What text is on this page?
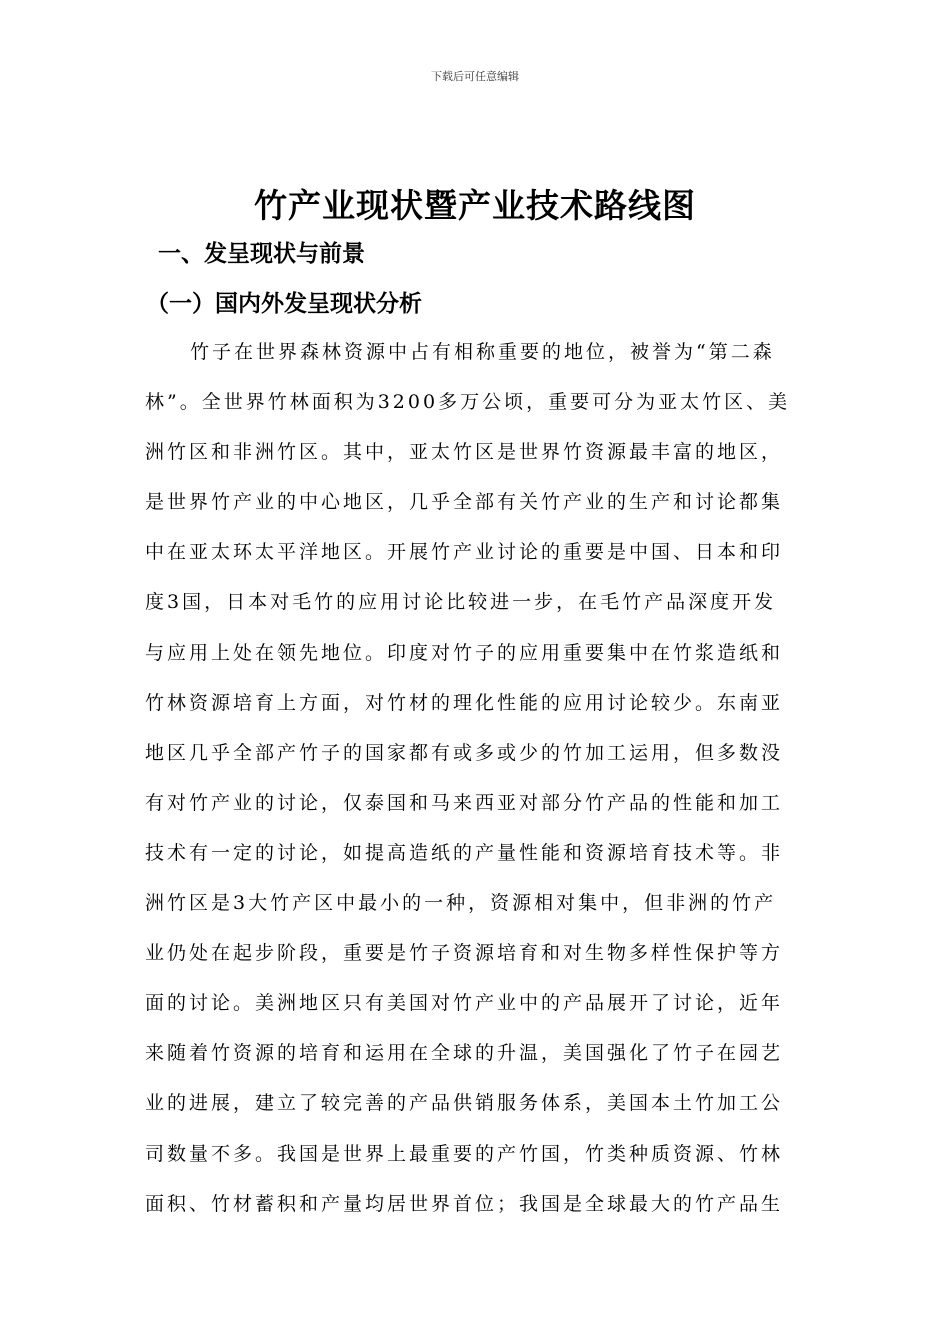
下载后可任意编辑
竹产业现状暨产业技术路线图
一、发呈现状与前景
（一）国内外发呈现状分析
竹子在世界森林资源中占有相称重要的地位，被誉为“第二森
林”。全世界竹林面积为3200多万公顷，重要可分为亚太竹区、美
洲竹区和非洲竹区。其中，亚太竹区是世界竹资源最丰富的地区，
是世界竹产业的中心地区，几乎全部有关竹产业的生产和讨论都集
中在亚太环太平洋地区。开展竹产业讨论的重要是中国、日本和印
度3国，日本对毛竹的应用讨论比较进一步，在毛竹产品深度开发
与应用上处在领先地位。印度对竹子的应用重要集中在竹浆造纸和
竹林资源培育上方面，对竹材的理化性能的应用讨论较少。东南亚
地区几乎全部产竹子的国家都有或多或少的竹加工运用，但多数没
有对竹产业的讨论，仅泰国和马来西亚对部分竹产品的性能和加工
技术有一定的讨论，如提高造纸的产量性能和资源培育技术等。非
洲竹区是3大竹产区中最小的一种，资源相对集中，但非洲的竹产
业仍处在起步阶段，重要是竹子资源培育和对生物多样性保护等方
面的讨论。美洲地区只有美国对竹产业中的产品展开了讨论，近年
来随着竹资源的培育和运用在全球的升温，美国强化了竹子在园艺
业的进展，建立了较完善的产品供销服务体系，美国本土竹加工公
司数量不多。我国是世界上最重要的产竹国，竹类种质资源、竹林
面积、竹材蓄积和产量均居世界首位；我国是全球最大的竹产品生
